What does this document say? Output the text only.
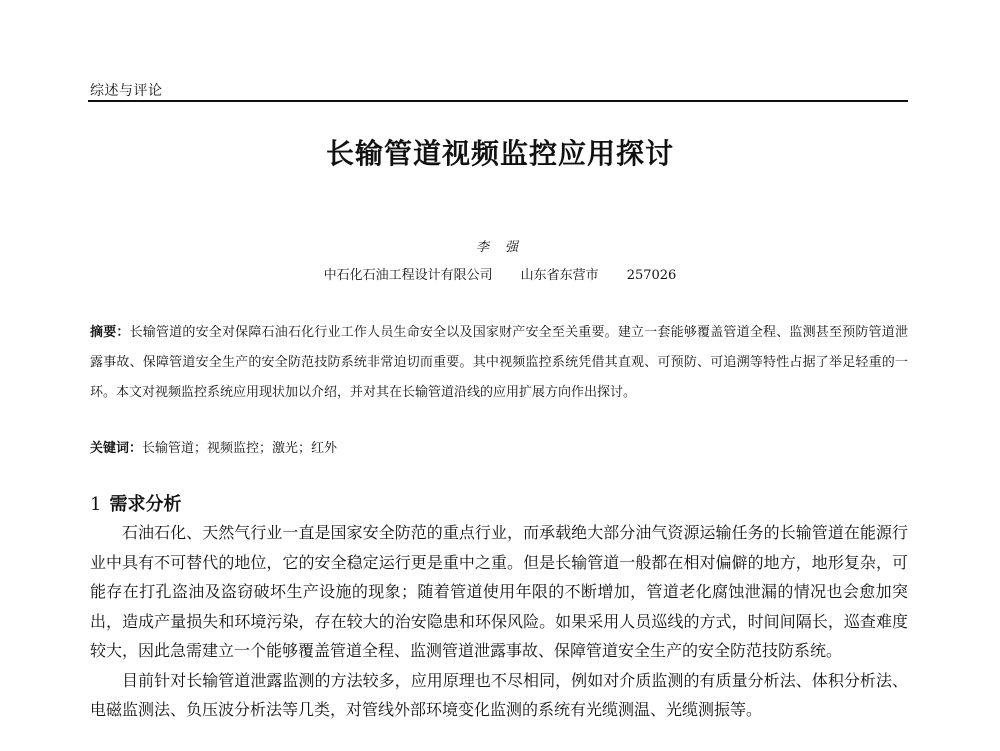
综述与评论
长输管道视频监控应用探讨
李 强
中石化石油工程设计有限公司 山东省东营市 257026
摘要：长输管道的安全对保障石油石化行业工作人员生命安全以及国家财产安全至关重要。建立一套能够覆盖管道全程、监测甚至预防管道泄露事故、保障管道安全生产的安全防范技防系统非常迫切而重要。其中视频监控系统凭借其直观、可预防、可追溯等特性占据了举足轻重的一环。本文对视频监控系统应用现状加以介绍，并对其在长输管道沿线的应用扩展方向作出探讨。
关键词：长输管道；视频监控；激光；红外
1 需求分析

石油石化、天然气行业一直是国家安全防范的重点行业，而承载绝大部分油气资源运输任务的长输管道在能源行业中具有不可替代的地位，它的安全稳定运行更是重中之重。但是长输管道一般都在相对偏僻的地方，地形复杂，可能存在打孔盗油及盗窃破坏生产设施的现象；随着管道使用年限的不断增加，管道老化腐蚀泄漏的情况也会愈加突出，造成产量损失和环境污染，存在较大的治安隐患和环保风险。如果采用人员巡线的方式，时间间隔长，巡查难度较大，因此急需建立一个能够覆盖管道全程、监测管道泄露事故、保障管道安全生产的安全防范技防系统。

目前针对长输管道泄露监测的方法较多，应用原理也不尽相同，例如对介质监测的有质量分析法、体积分析法、电磁监测法、负压波分析法等几类，对管线外部环境变化监测的系统有光缆测温、光缆测振等。
